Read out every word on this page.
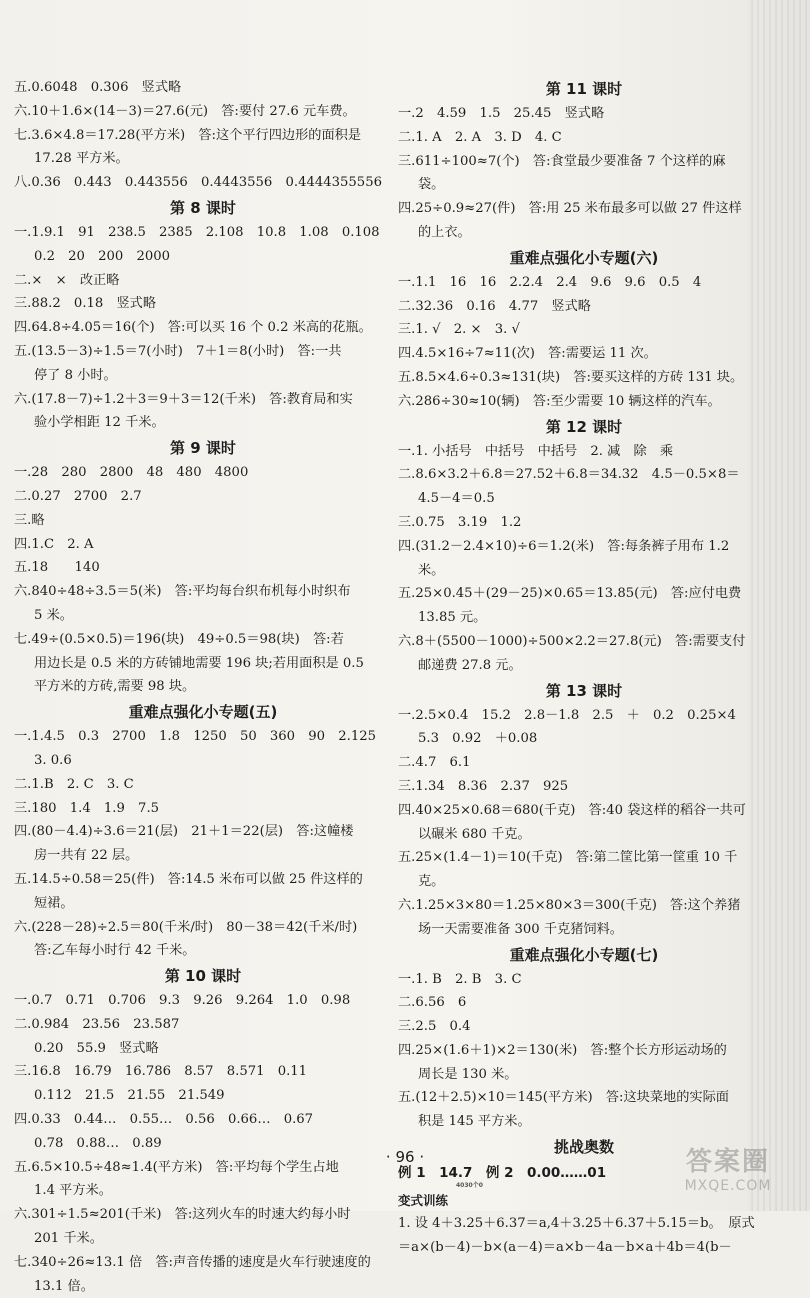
五.0.6048　0.306　竖式略
六.10＋1.6×(14－3)＝27.6(元)　答:要付 27.6 元车费。
七.3.6×4.8＝17.28(平方米)　答:这个平行四边形的面积是
17.28 平方米。
八.0.36　0.443　0.443556　0.4443556　0.4444355556
第 8 课时
一.1.9.1　91　238.5　2385　2.108　10.8　1.08　0.108
0.2　20　200　2000
二.×　×　改正略
三.88.2　0.18　竖式略
四.64.8÷4.05＝16(个)　答:可以买 16 个 0.2 米高的花瓶。
五.(13.5－3)÷1.5＝7(小时)　7＋1＝8(小时)　答:一共
停了 8 小时。
六.(17.8－7)÷1.2＋3＝9＋3＝12(千米)　答:教育局和实
验小学相距 12 千米。
第 9 课时
一.28　280　2800　48　480　4800
二.0.27　2700　2.7
三.略
四.1.C　2. A
五.18　　140
六.840÷48÷3.5＝5(米)　答:平均每台织布机每小时织布
5 米。
七.49÷(0.5×0.5)＝196(块)　49÷0.5＝98(块)　答:若
用边长是 0.5 米的方砖铺地需要 196 块;若用面积是 0.5
平方米的方砖,需要 98 块。
重难点强化小专题(五)
一.1.4.5　0.3　2700　1.8　1250　50　360　90　2.125
3. 0.6
二.1.B　2. C　3. C
三.180　1.4　1.9　7.5
四.(80－4.4)÷3.6＝21(层)　21＋1＝22(层)　答:这幢楼
房一共有 22 层。
五.14.5÷0.58＝25(件)　答:14.5 米布可以做 25 件这样的
短裙。
六.(228－28)÷2.5＝80(千米/时)　80－38＝42(千米/时)
答:乙车每小时行 42 千米。
第 10 课时
一.0.7　0.71　0.706　9.3　9.26　9.264　1.0　0.98
二.0.984　23.56　23.587
0.20　55.9　竖式略
三.16.8　16.79　16.786　8.57　8.571　0.11
0.112　21.5　21.55　21.549
四.0.33　0.44…　0.55…　0.56　0.66…　0.67
0.78　0.88…　0.89
五.6.5×10.5÷48≈1.4(平方米)　答:平均每个学生占地
1.4 平方米。
六.301÷1.5≈201(千米)　答:这列火车的时速大约每小时
201 千米。
七.340÷26≈13.1 倍　答:声音传播的速度是火车行驶速度的
13.1 倍。
第 11 课时
一.2　4.59　1.5　25.45　竖式略
二.1. A　2. A　3. D　4. C
三.611÷100≈7(个)　答:食堂最少要准备 7 个这样的麻
袋。
四.25÷0.9≈27(件)　答:用 25 米布最多可以做 27 件这样
的上衣。
重难点强化小专题(六)
一.1.1　16　16　2.2.4　2.4　9.6　9.6　0.5　4
二.32.36　0.16　4.77　竖式略
三.1. √　2. ×　3. √
四.4.5×16÷7≈11(次)　答:需要运 11 次。
五.8.5×4.6÷0.3≈131(块)　答:要买这样的方砖 131 块。
六.286÷30≈10(辆)　答:至少需要 10 辆这样的汽车。
第 12 课时
一.1. 小括号　中括号　中括号　2. 减　除　乘
二.8.6×3.2＋6.8＝27.52＋6.8＝34.32　4.5－0.5×8＝
4.5－4＝0.5
三.0.75　3.19　1.2
四.(31.2－2.4×10)÷6＝1.2(米)　答:每条裤子用布 1.2
米。
五.25×0.45＋(29－25)×0.65＝13.85(元)　答:应付电费
13.85 元。
六.8＋(5500－1000)÷500×2.2＝27.8(元)　答:需要支付
邮递费 27.8 元。
第 13 课时
一.2.5×0.4　15.2　2.8－1.8　2.5　＋　0.2　0.25×4
5.3　0.92　＋0.08
二.4.7　6.1
三.1.34　8.36　2.37　925
四.40×25×0.68＝680(千克)　答:40 袋这样的稻谷一共可
以碾米 680 千克。
五.25×(1.4－1)＝10(千克)　答:第二筐比第一筐重 10 千
克。
六.1.25×3×80＝1.25×80×3＝300(千克)　答:这个养猪
场一天需要准备 300 千克猪饲料。
重难点强化小专题(七)
一.1. B　2. B　3. C
二.6.56　6
三.2.5　0.4
四.25×(1.6＋1)×2＝130(米)　答:整个长方形运动场的
周长是 130 米。
五.(12＋2.5)×10＝145(平方米)　答:这块菜地的实际面
积是 145 平方米。
挑战奥数
例 1　14.7　例 2　0.00……01
4030个0
变式训练
1. 设 4＋3.25＋6.37＝a,4＋3.25＋6.37＋5.15＝b。　原式
＝a×(b－4)－b×(a－4)＝a×b－4a－b×a＋4b＝4(b－
· 96 ·	答案圈
MXQE.COM
